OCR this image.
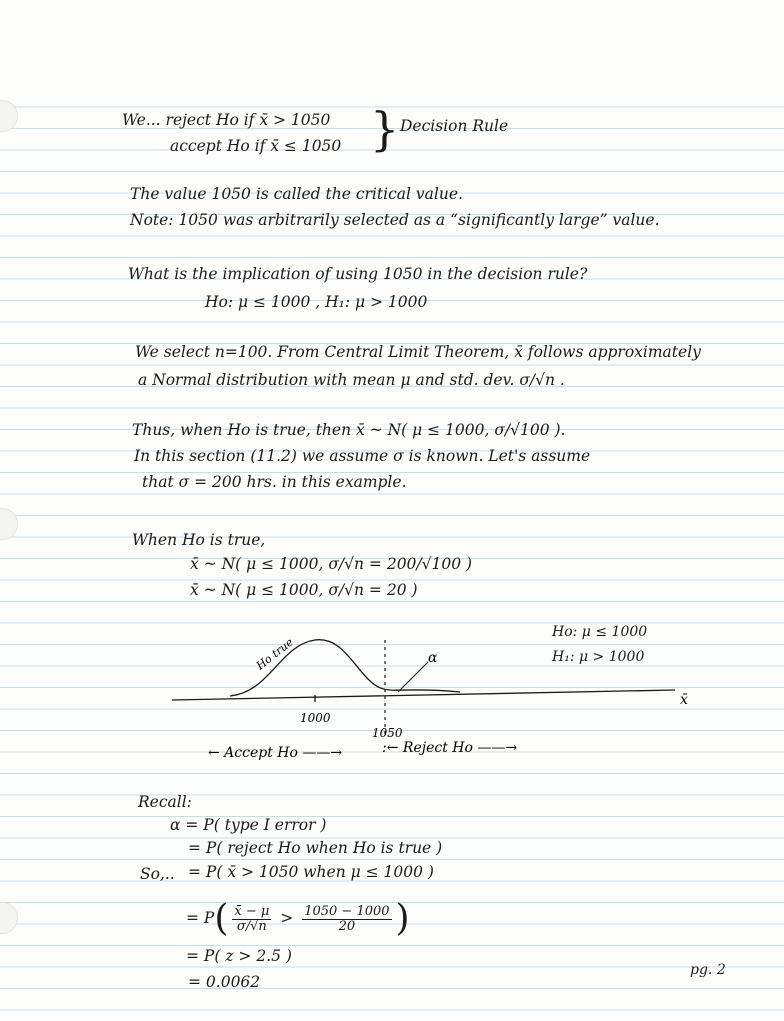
We... reject Ho if x̄ > 1050
accept Ho if x̄ ≤ 1050 } Decision Rule
The value 1050 is called the critical value.
Note: 1050 was arbitrarily selected as a “significantly large” value.
What is the implication of using 1050 in the decision rule?
Ho: μ ≤ 1000 , H₁: μ > 1000
We select n=100. From Central Limit Theorem, x̄ follows approximately
a Normal distribution with mean μ and std. dev. σ/√n .
Thus, when Ho is true, then x̄ ~ N( μ ≤ 1000, σ/√100 ).
In this section (11.2) we assume σ is known. Let's assume
that σ = 200 hrs. in this example.
When Ho is true,
x̄ ~ N( μ ≤ 1000, σ/√n = 200/√100 )
x̄ ~ N( μ ≤ 1000, σ/√n = 20 )
Ho: μ ≤ 1000
H₁: μ > 1000
Ho true	α
x̄
1000
1050
← Accept Ho ——→	:← Reject Ho ——→
Recall:
α = P( type I error )
= P( reject Ho when Ho is true )
So,.. = P( x̄ > 1050 when μ ≤ 1000 )
= $P( \frac{x̄ - \mu}{\sigma/√n} > \frac{1050 - 1000}{20}$ )
= P( z > 2.5 )
= 0.0062
pg. 2
